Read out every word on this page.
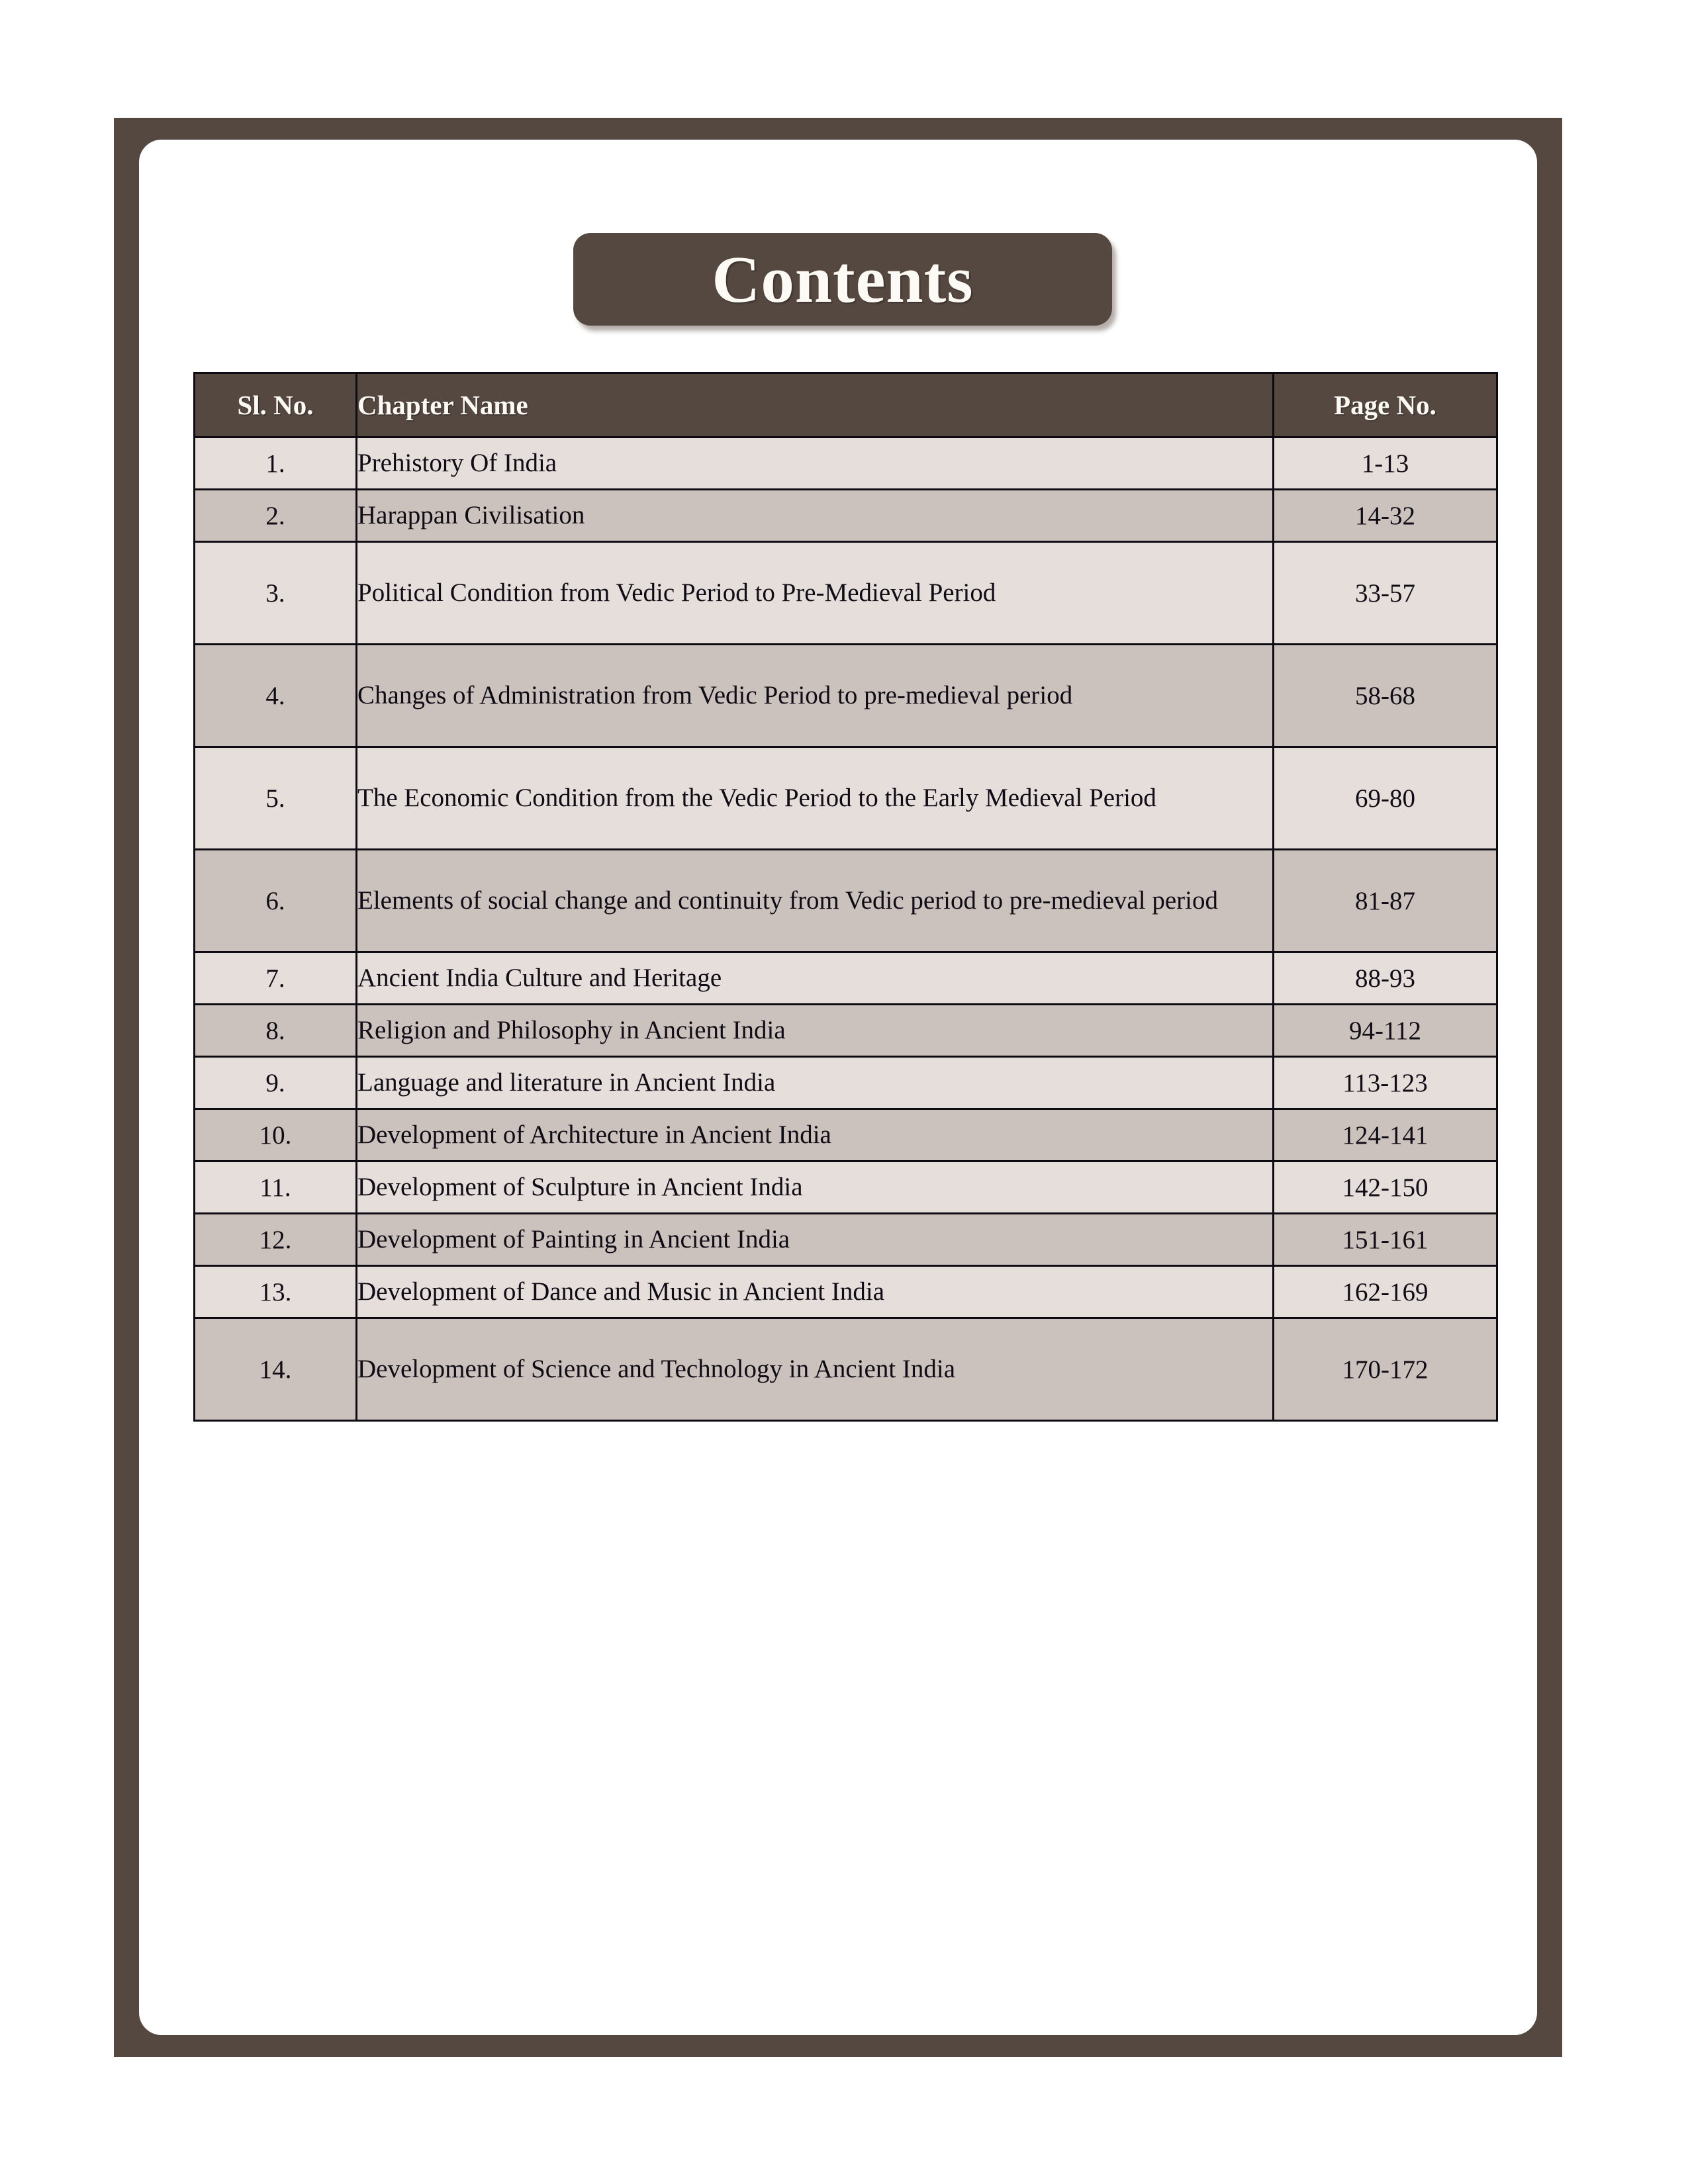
Contents
Sl. No.	Chapter Name	Page No.
1.	Prehistory Of India	1-13
2.	Harappan Civilisation	14-32
3.	Political Condition from Vedic Period to Pre-Medieval Period	33-57
4.	Changes of Administration from Vedic Period to pre-medieval period	58-68
5.	The Economic Condition from the Vedic Period to the Early Medieval Period	69-80
6.	Elements of social change and continuity from Vedic period to pre-medieval period	81-87
7.	Ancient India Culture and Heritage	88-93
8.	Religion and Philosophy in Ancient India	94-112
9.	Language and literature in Ancient India	113-123
10.	Development of Architecture in Ancient India	124-141
11.	Development of Sculpture in Ancient India	142-150
12.	Development of Painting in Ancient India	151-161
13.	Development of Dance and Music in Ancient India	162-169
14.	Development of Science and Technology in Ancient India	170-172
